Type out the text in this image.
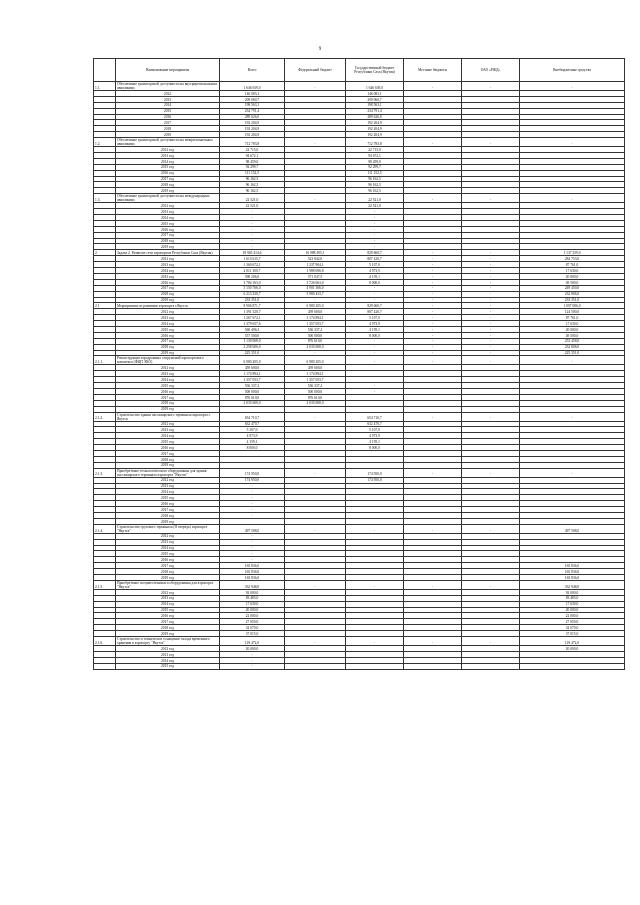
9
	Наименование мероприятия	Всего	Федеральный бюджет	Государственный бюджет Республики Саха (Якутия)	Местные бюджеты	ОАО «РЖД»	Внебюджетные средства
1.1.	Обеспечение транспортной доступности на внутрирегиональных авиалиниях	1 646 639,0	-	1 646 639,0	-	-	-
	2012	146 083,1		146 083,1			
	2013	209 060,7		209 060,7			
	2014	198 563,1		198 563,1			
	2015	234 791,4		234 791,4			
	2016	289 626,0		289 626,0			
	2017	192 204,9		192 204,9			
	2018	192 204,9		192 204,9			
	2019	192 204,9		192 204,9			
1.2.	Обеспечение транспортной доступности на межрегиональных авиалиниях	712 783,8	-	712 783,8	-	-	-
	2012 год	22 715,0		22 715,0			
	2013 год	94 672,1		94 672,1			
	2014 год	98 459,0		98 459,0			
	2015 год	92 299,7		92 299,7			
	2016 год	111 152,5		111 152,5			
	2017 год	96 162,5		96 162,5			
	2018 год	96 162,5		96 162,5			
	2019 год	96 162,5		96 162,5			
1.3.	Обеспечение транспортной доступности на международных авиалиниях	22 521,0	-	22 521,0	-	-	-
	2012 год	22 521,0		22 521,0			
	2013 год	-		-			
	2014 год	-		-			
	2015 год	-		-			
	2016 год	-		-			
	2017 год	-		-			
	2018 год	-		-			
	2019 год	-		-			
2.	Задача 2. Развитие сети аэропортов Республики Саха (Якутия)	18 965 414,6	16 988 495,1	829 660,7	-	-	1 137 259,0
	2012 год	1 613 615,7	523 842,0	807 420,7	-	-	284 753,0
	2013 год	1 360 672,1	1 237 904,1	5 107,0	-	-	87 761,0
	2014 год	2 011 300,7	1 988 696,8	4 973,9	-	-	17 630,0
	2015 год	598 206,0	571 047,5	4 159,1	-	-	20 000,0
	2016 год	3 784 163,0	3 726 663,0	8 000,0	-	-	49 500,0
	2017 год	5 150 766,0	4 901 306,0	-	-	-	249 450,0
	2018 год	6 213 230,7	5 980 433,7	-	-	-	232 806,0
	2019 год	233 351,0	-	-	-	-	233 351,0
2.1	Мероприятия по развитию аэропорта г.Якутск	8 906 871,7	6 980 205,0	829 660,7	-	-	1 097 006,0
	2012 год	1 391 520,7	459 600,0	807 420,7	-	-	124 500,0
	2013 год	1 267 672,1	1 174 894,1	5 107,0	-	-	87 761,0
	2014 год	1 379 657,6	1 357 053,7	4 973,9	-	-	17 630,0
	2015 год	560 496,3	536 337,2	4 159,1	-	-	20 000,0
	2016 год	557 500,0	500 000,0	8 000,0	-	-	49 500,0
	2017 год	1 130 068,0	876 610,0	-	-	-	253 458,0
	2018 год	2 258 606,0	2 035 600,0	-	-	-	232 806,0
	2019 год	225 351,0	-	-	-	-	225 351,0
2.1.1.	Реконструкция аэродромных сооружений аэропортового комплекса (ФЦП ЭКО)	6 980 205,0	6 980 205,0	-	-	-	-
	2012 год	459 600,0	459 600,0				
	2013 год	1 174 894,1	1 174 894,1				
	2014 год	1 357 053,7	1 357 053,7				
	2015 год	536 337,2	536 337,2	-			
	2016 год	500 000,0	500 000,0	-			
	2017 год	876 610,0	876 610,0				
	2018 год	2 035 600,0	2 035 600,0				
	2019 год						
2.1.2.	Строительство здания пассажирского терминала аэропорта г. Якутск	654 710,7	-	654 710,7	-	-	-
	2012 год	632 470,7		632 470,7			
	2013 год	5 107,0		5 107,0			
	2014 год	4 973,9		4 973,9			
	2015 год	4 159,1		4 159,1			
	2016 год	8 000,0		8 000,0			
	2017 год						
	2018 год						
	2019 год						
2.1.3.	Приобретение технологического оборудования для здания пассажирского терминала аэропорта "Якутск"	174 950,0	-	174 950,0	-	-	-
	2012 год	174 950,0		174 950,0			
	2013 год	-					
	2014 год	-					
	2015 год	-					
	2016 год	-					
	2017 год	-					
	2018 год	-					
	2019 год						
2.1.4.	Строительство грузового терминала (II очередь) аэропорта "Якутск"	497 508,0	-	-	-	-	497 508,0
	2012 год	-					
	2013 год	-					
	2014 год	-					
	2015 год	-					
	2016 год	-					
	2017 год	165 836,0					165 836,0
	2018 год	165 836,0					165 836,0
	2019 год	165 836,0					165 836,0
2.1.5.	Приобретение спецавтотехники и оборудования для аэропорта "Якутск"	332 948,0	-	-	-	-	332 948,0
	2012 год	92 000,0					92 000,0
	2013 год	83 483,0					83 483,0
	2014 год	17 630,0					17 630,0
	2015 год	20 000,0					20 000,0
	2016 год	22 000,0					22 000,0
	2017 год	27 650,0					27 650,0
	2018 год	32 070,0					32 070,0
	2019 год	37 015,0					37 015,0
2.1.6.	Строительство и техническое оснащение склада временного хранения в аэропорту "Якутск"	118 472,0	-	-	-	-	118 472,0
	2012 год	20 000,0					20 000,0
	2013 год	-					
	2014 год	-					
	2015 год	-					
